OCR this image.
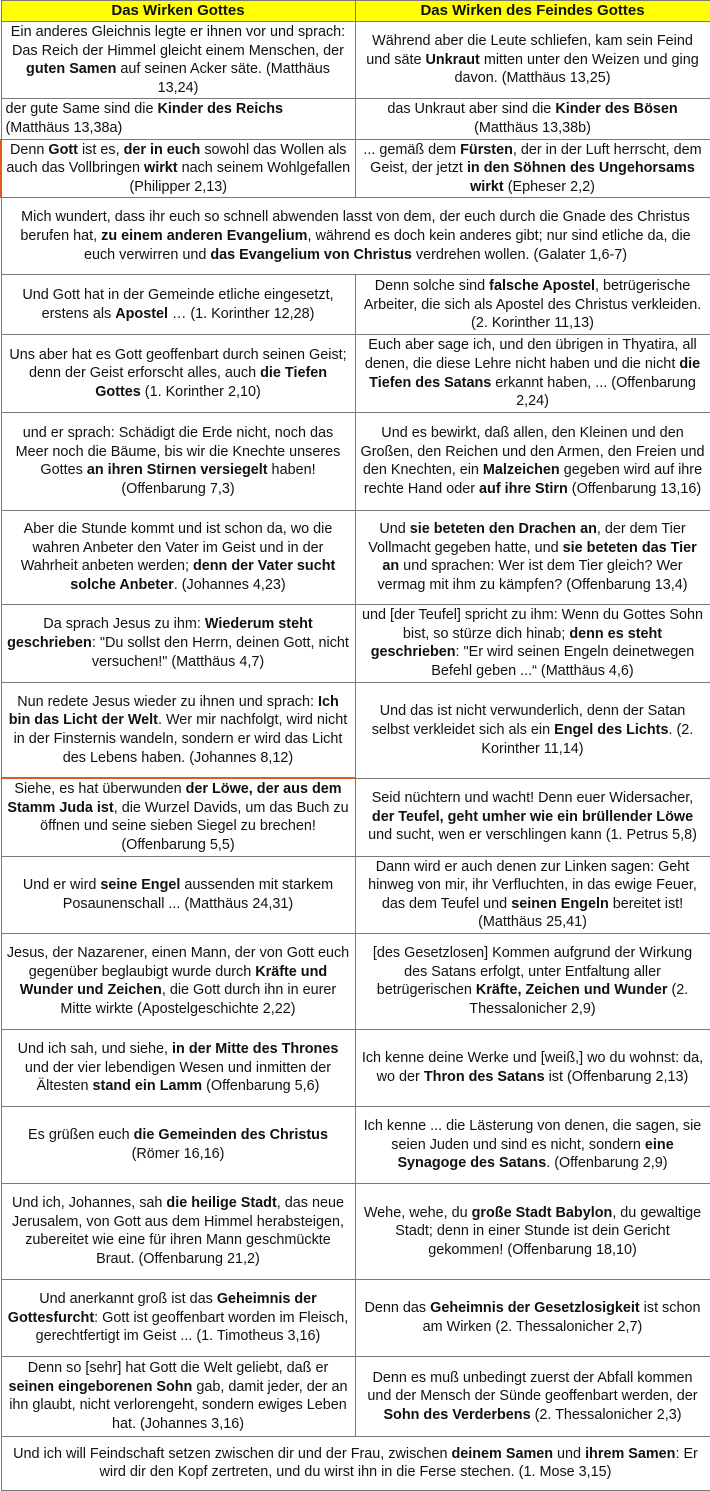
Das Wirken Gottes	Das Wirken des Feindes Gottes
Ein anderes Gleichnis legte er ihnen vor und sprach: Das Reich der Himmel gleicht einem Menschen, der guten Samen auf seinen Acker säte. (Matthäus 13,24)	Während aber die Leute schliefen, kam sein Feind und säte Unkraut mitten unter den Weizen und ging davon. (Matthäus 13,25)
der gute Same sind die Kinder des Reichs (Matthäus 13,38a)	das Unkraut aber sind die Kinder des Bösen (Matthäus 13,38b)
Denn Gott ist es, der in euch sowohl das Wollen als auch das Vollbringen wirkt nach seinem Wohlgefallen (Philipper 2,13)	... gemäß dem Fürsten, der in der Luft herrscht, dem Geist, der jetzt in den Söhnen des Ungehorsams wirkt (Epheser 2,2)
Mich wundert, dass ihr euch so schnell abwenden lasst von dem, der euch durch die Gnade des Christus berufen hat, zu einem anderen Evangelium, während es doch kein anderes gibt; nur sind etliche da, die euch verwirren und das Evangelium von Christus verdrehen wollen. (Galater 1,6-7)	
Und Gott hat in der Gemeinde etliche eingesetzt, erstens als Apostel … (1. Korinther 12,28)	Denn solche sind falsche Apostel, betrügerische Arbeiter, die sich als Apostel des Christus verkleiden. (2. Korinther 11,13)
Uns aber hat es Gott geoffenbart durch seinen Geist; denn der Geist erforscht alles, auch die Tiefen Gottes (1. Korinther 2,10)	Euch aber sage ich, und den übrigen in Thyatira, all denen, die diese Lehre nicht haben und die nicht die Tiefen des Satans erkannt haben, ... (Offenbarung 2,24)
und er sprach: Schädigt die Erde nicht, noch das Meer noch die Bäume, bis wir die Knechte unseres Gottes an ihren Stirnen versiegelt haben! (Offenbarung 7,3)	Und es bewirkt, daß allen, den Kleinen und den Großen, den Reichen und den Armen, den Freien und den Knechten, ein Malzeichen gegeben wird auf ihre rechte Hand oder auf ihre Stirn (Offenbarung 13,16)
Aber die Stunde kommt und ist schon da, wo die wahren Anbeter den Vater im Geist und in der Wahrheit anbeten werden; denn der Vater sucht solche Anbeter. (Johannes 4,23)	Und sie beteten den Drachen an, der dem Tier Vollmacht gegeben hatte, und sie beteten das Tier an und sprachen: Wer ist dem Tier gleich? Wer vermag mit ihm zu kämpfen? (Offenbarung 13,4)
Da sprach Jesus zu ihm: Wiederum steht geschrieben: "Du sollst den Herrn, deinen Gott, nicht versuchen!" (Matthäus 4,7)	und [der Teufel] spricht zu ihm: Wenn du Gottes Sohn bist, so stürze dich hinab; denn es steht geschrieben: "Er wird seinen Engeln deinetwegen Befehl geben ...“ (Matthäus 4,6)
Nun redete Jesus wieder zu ihnen und sprach: Ich bin das Licht der Welt. Wer mir nachfolgt, wird nicht in der Finsternis wandeln, sondern er wird das Licht des Lebens haben. (Johannes 8,12)	Und das ist nicht verwunderlich, denn der Satan selbst verkleidet sich als ein Engel des Lichts. (2. Korinther 11,14)
Siehe, es hat überwunden der Löwe, der aus dem Stamm Juda ist, die Wurzel Davids, um das Buch zu öffnen und seine sieben Siegel zu brechen! (Offenbarung 5,5)	Seid nüchtern und wacht! Denn euer Widersacher, der Teufel, geht umher wie ein brüllender Löwe und sucht, wen er verschlingen kann (1. Petrus 5,8)
Und er wird seine Engel aussenden mit starkem Posaunenschall ... (Matthäus 24,31)	Dann wird er auch denen zur Linken sagen: Geht hinweg von mir, ihr Verfluchten, in das ewige Feuer, das dem Teufel und seinen Engeln bereitet ist! (Matthäus 25,41)
Jesus, der Nazarener, einen Mann, der von Gott euch gegenüber beglaubigt wurde durch Kräfte und Wunder und Zeichen, die Gott durch ihn in eurer Mitte wirkte (Apostelgeschichte 2,22)	[des Gesetzlosen] Kommen aufgrund der Wirkung des Satans erfolgt, unter Entfaltung aller betrügerischen Kräfte, Zeichen und Wunder (2. Thessalonicher 2,9)
Und ich sah, und siehe, in der Mitte des Thrones und der vier lebendigen Wesen und inmitten der Ältesten stand ein Lamm (Offenbarung 5,6)	Ich kenne deine Werke und [weiß,] wo du wohnst: da, wo der Thron des Satans ist (Offenbarung 2,13)
Es grüßen euch die Gemeinden des Christus (Römer 16,16)	Ich kenne ... die Lästerung von denen, die sagen, sie seien Juden und sind es nicht, sondern eine Synagoge des Satans. (Offenbarung 2,9)
Und ich, Johannes, sah die heilige Stadt, das neue Jerusalem, von Gott aus dem Himmel herabsteigen, zubereitet wie eine für ihren Mann geschmückte Braut. (Offenbarung 21,2)	Wehe, wehe, du große Stadt Babylon, du gewaltige Stadt; denn in einer Stunde ist dein Gericht gekommen! (Offenbarung 18,10)
Und anerkannt groß ist das Geheimnis der Gottesfurcht: Gott ist geoffenbart worden im Fleisch, gerechtfertigt im Geist ... (1. Timotheus 3,16)	Denn das Geheimnis der Gesetzlosigkeit ist schon am Wirken (2. Thessalonicher 2,7)
Denn so [sehr] hat Gott die Welt geliebt, daß er seinen eingeborenen Sohn gab, damit jeder, der an ihn glaubt, nicht verlorengeht, sondern ewiges Leben hat. (Johannes 3,16)	Denn es muß unbedingt zuerst der Abfall kommen und der Mensch der Sünde geoffenbart werden, der Sohn des Verderbens (2. Thessalonicher 2,3)
Und ich will Feindschaft setzen zwischen dir und der Frau, zwischen deinem Samen und ihrem Samen: Er wird dir den Kopf zertreten, und du wirst ihn in die Ferse stechen. (1. Mose 3,15)	
